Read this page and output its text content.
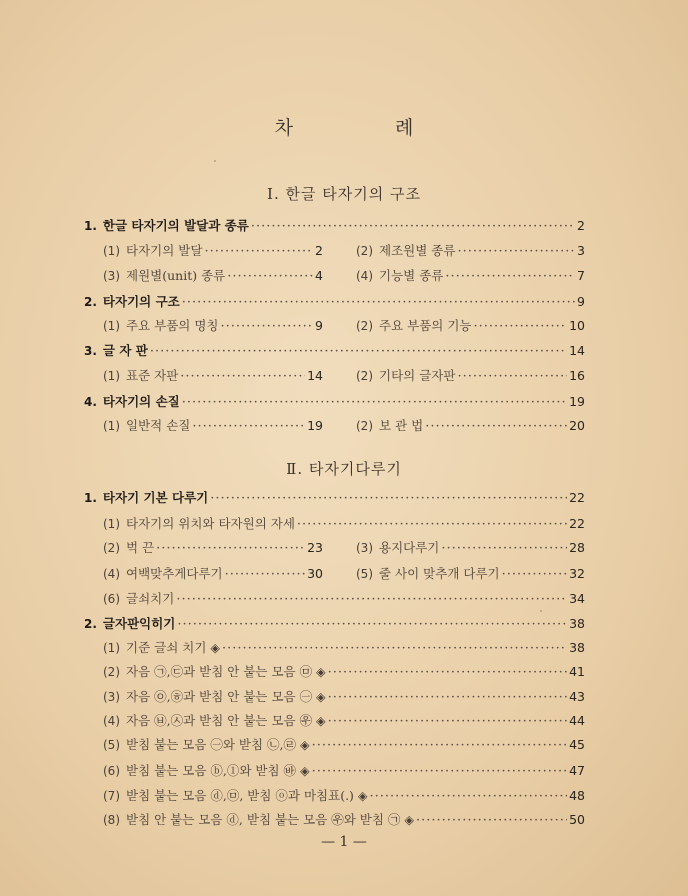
차 례
Ⅰ. 한글 타자기의 구조
Ⅱ. 타자기다루기
1. 한글 타자기의 발달과 종류 ·····	2
(1) 타자기의 발달 ·····	2	(2) 제조원별 종류 ·····	3
(3) 제원별(unit) 종류 ·····	4	(4) 기능별 종류 ·····	7
2. 타자기의 구조 ·····	9
(1) 주요 부품의 명칭 ·····	9	(2) 주요 부품의 기능 ·····	10
3. 글 자 판 ·····	14
(1) 표준 자판 ·····	14	(2) 기타의 글자판 ·····	16
4. 타자기의 손질 ·····	19
(1) 일반적 손질 ·····	19	(2) 보 관 법 ·····	20
1. 타자기 기본 다루기 ·····	22
(1) 타자기의 위치와 타자원의 자세 ·····	22
(2) 벅 끈 ·····	23	(3) 용지다루기 ·····	28
(4) 여백맞추게다루기 ·····	30	(5) 줄 사이 맞추개 다루기 ·····	32
(6) 글쇠치기 ·····	34
2. 글자판익히기 ·····	38
(1) 기준 글쇠 치기 ◈ ·····	38
(2) 자음 ㉠,㉢과 받침 안 붙는 모음 ㉤ ◈ ·····	41
(3) 자음 ㉧,㉭과 받침 안 붙는 모음 ㊀ ◈ ·····	43
(4) 자음 ㉥,㉦과 받침 안 붙는 모음 ㉾ ◈ ·····	44
(5) 받침 붙는 모음 ㊀와 받침 ㉡,㉣ ◈ ·····	45
(6) 받침 붙는 모음 ⓑ,①와 받침 ㉳ ◈ ·····	47
(7) 받침 붙는 모음 ⓓ,㉤, 받침 ⓞ과 마침표(.) ◈ ·····	48
(8) 받침 안 붙는 모음 ⓓ, 받침 붙는 모음 ㉾와 받침 ㉠ ◈ ·····	50
— 1 —
